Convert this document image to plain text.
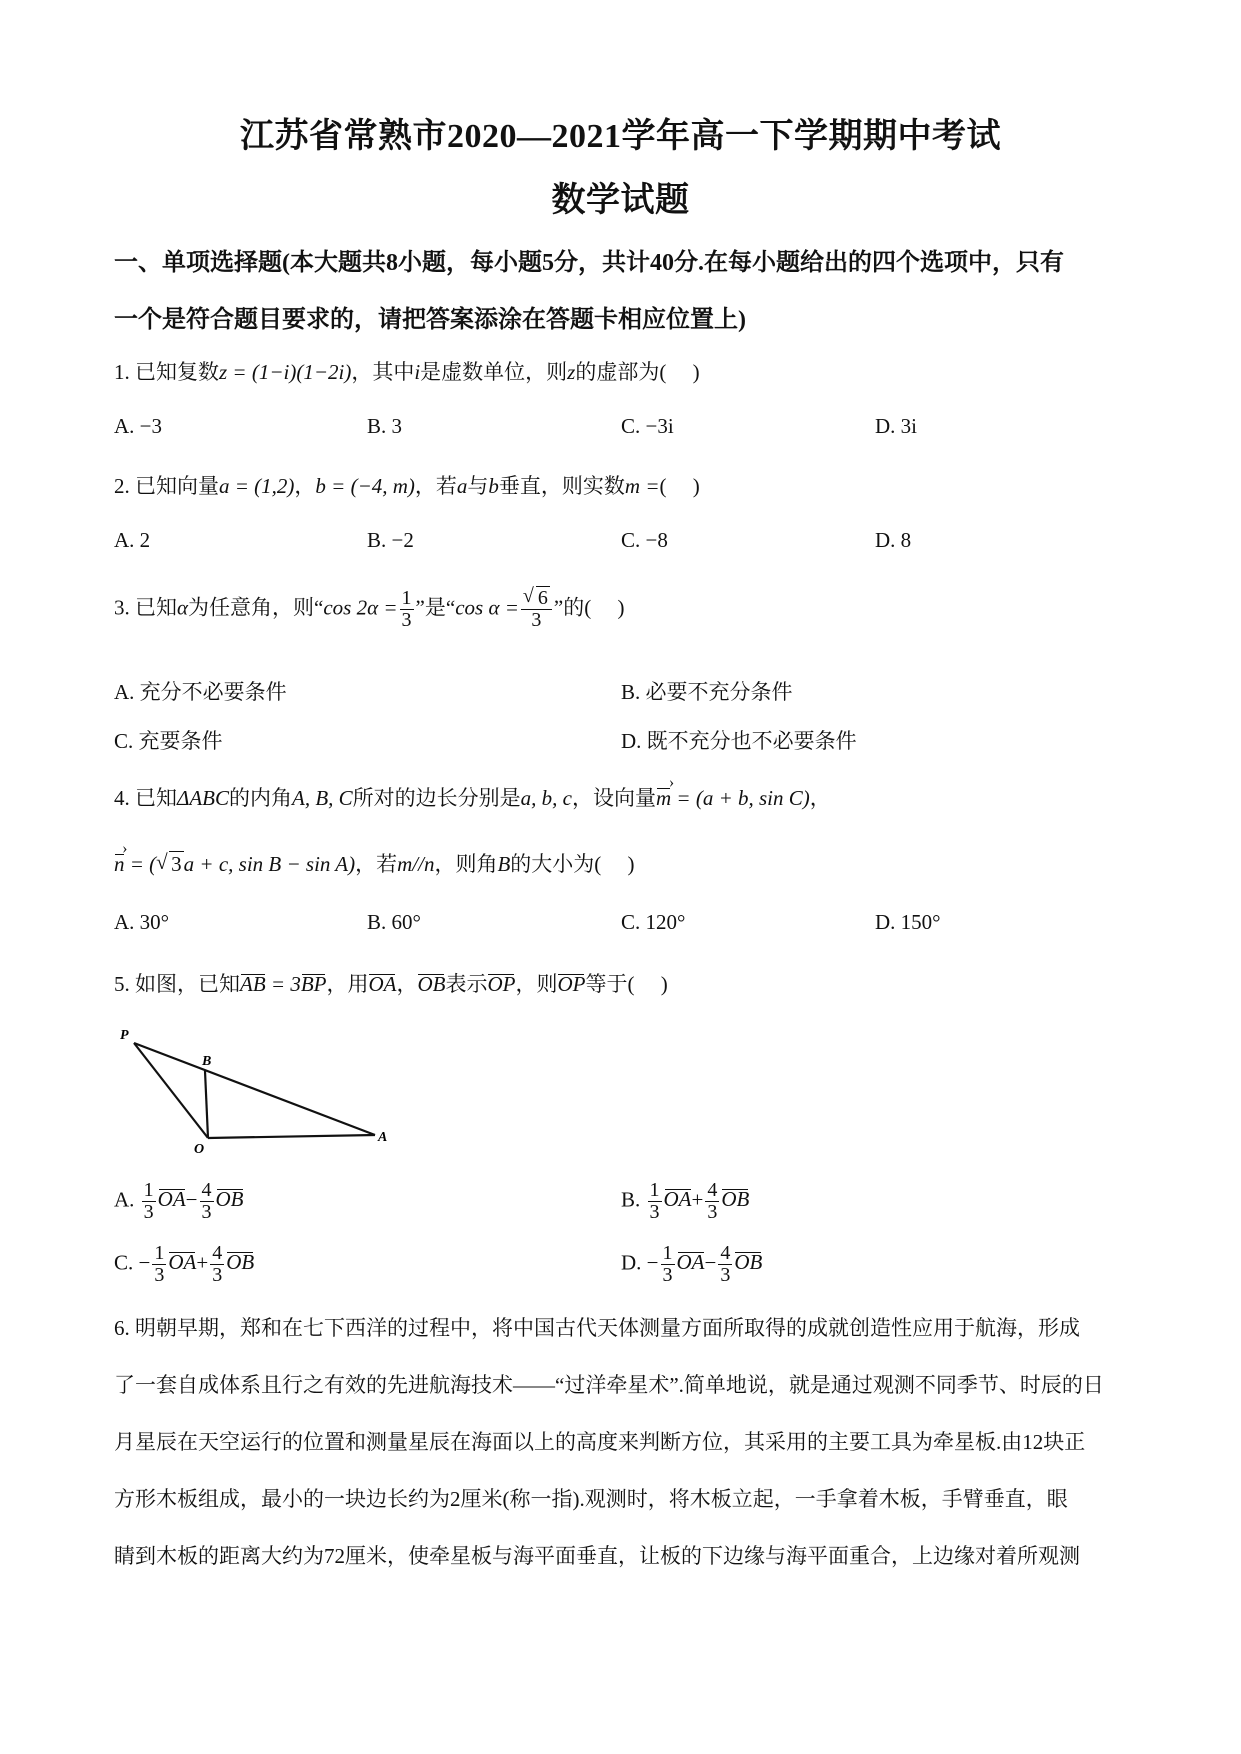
江苏省常熟市2020—2021学年高一下学期期中考试
数学试题
一、单项选择题(本大题共8小题，每小题5分，共计40分.在每小题给出的四个选项中，只有
一个是符合题目要求的，请把答案添涂在答题卡相应位置上)
1. 已知复数z = (1−i)(1−2i)，其中i是虚数单位，则z的虚部为(　 )
A. −3	B. 3	C. −3i	D. 3i
2. 已知向量a = (1,2)，b = (−4, m)，若a与b垂直，则实数m =(　 )
A. 2	B. −2	C. −8	D. 8
3. 已知α为任意角，则“cos $2\alpha = \frac{1}{3}$ ”是“cos α = √ $\frac{6}{3}$ ”的(　 )
A. 充分不必要条件	B. 必要不充分条件
C. 充要条件	D. 既不充分也不必要条件
4. 已知ΔABC的内角A, B, C所对的边长分别是a, b, c，设向量m › = (a + b, sin C)，
n › = ( √ 3a + c, sin B − sin A)，若m//n，则角B的大小为(　 )
A. 30°	B. 60°	C. 120°	D. 150°
5. 如图，已知AB = 3BP，用OA，OB表示OP，则OP等于(　 )
P
B
O
A
A. $\frac{1}{3} OA- \frac{4}{3}$ OB	B. $\frac{1}{3} OA+ \frac{4}{3}$ OB
C. − $\frac{1}{3} OA+ \frac{4}{3}$ OB	D. − $\frac{1}{3} OA- \frac{4}{3}$ OB
6. 明朝早期，郑和在七下西洋的过程中，将中国古代天体测量方面所取得的成就创造性应用于航海，形成
了一套自成体系且行之有效的先进航海技术——“过洋牵星术”.简单地说，就是通过观测不同季节、时辰的日
月星辰在天空运行的位置和测量星辰在海面以上的高度来判断方位，其采用的主要工具为牵星板.由12块正
方形木板组成，最小的一块边长约为2厘米(称一指).观测时，将木板立起，一手拿着木板，手臂垂直，眼
睛到木板的距离大约为72厘米，使牵星板与海平面垂直，让板的下边缘与海平面重合，上边缘对着所观测
